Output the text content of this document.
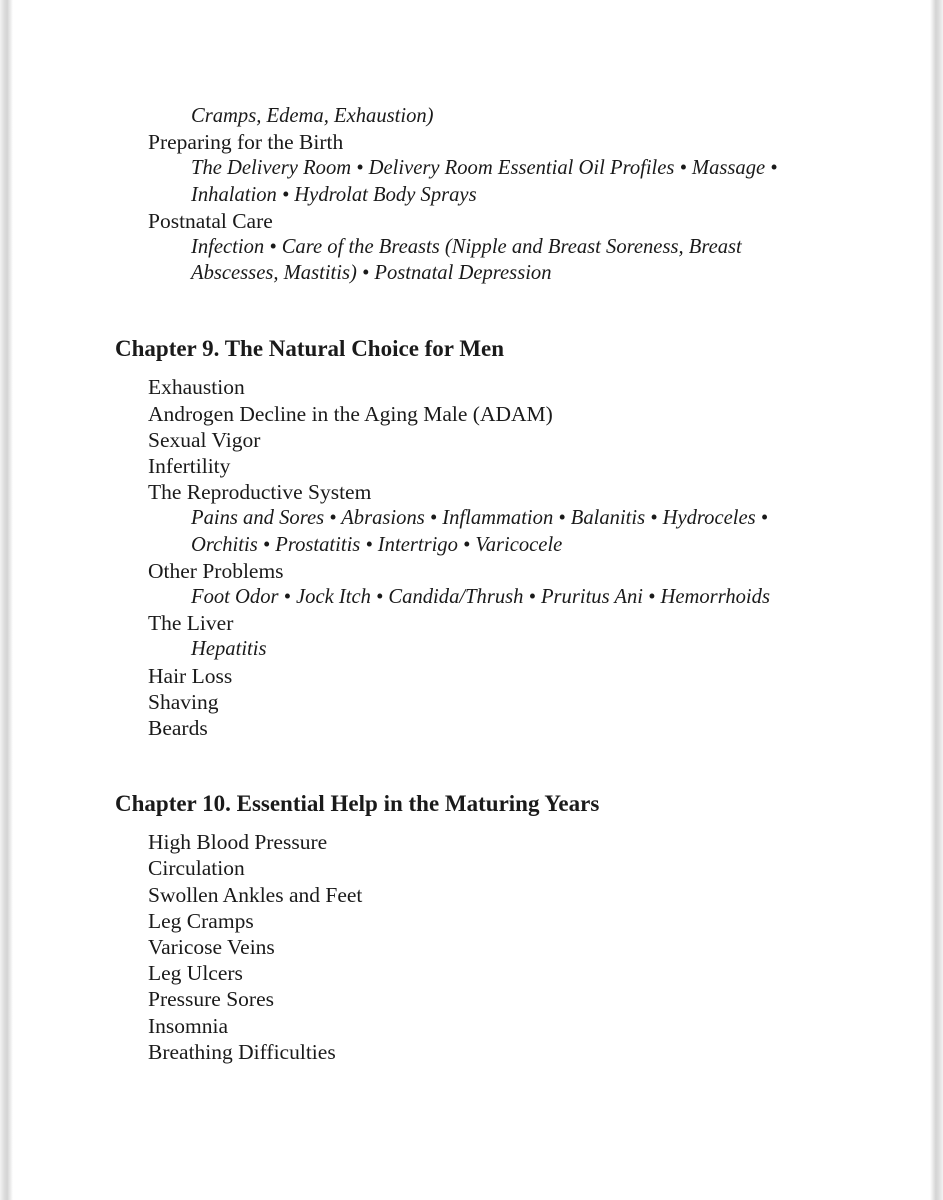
Cramps, Edema, Exhaustion)
Preparing for the Birth
The Delivery Room • Delivery Room Essential Oil Profiles • Massage • Inhalation • Hydrolat Body Sprays
Postnatal Care
Infection • Care of the Breasts (Nipple and Breast Soreness, Breast Abscesses, Mastitis) • Postnatal Depression
Chapter 9. The Natural Choice for Men
Exhaustion
Androgen Decline in the Aging Male (ADAM)
Sexual Vigor
Infertility
The Reproductive System
Pains and Sores • Abrasions • Inflammation • Balanitis • Hydroceles • Orchitis • Prostatitis • Intertrigo • Varicocele
Other Problems
Foot Odor • Jock Itch • Candida/Thrush • Pruritus Ani • Hemorrhoids
The Liver
Hepatitis
Hair Loss
Shaving
Beards
Chapter 10. Essential Help in the Maturing Years
High Blood Pressure
Circulation
Swollen Ankles and Feet
Leg Cramps
Varicose Veins
Leg Ulcers
Pressure Sores
Insomnia
Breathing Difficulties
